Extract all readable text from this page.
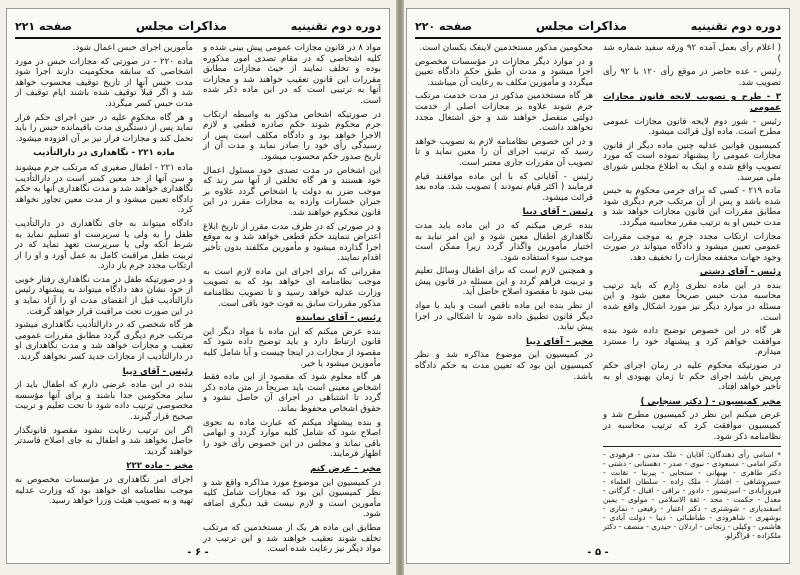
دوره دوم تقنینیه
مذاکرات مجلس
صفحه ۲۲۱
مواد ۸ در قانون مجازات عمومی پیش بینی شده و کلیه اشخاصی که در مقام تصدی امور مذکوره بوده و تخلف نمایند از حیث مجازات مطابق مقررات این قانون تعقیب خواهند شد و مجازات آنها به ترتیبی است که در این ماده ذکر شده است.
در صورتیکه اشخاص مذکور به واسطه ارتکاب جرم محکوم شوند حکم صادره قطعی و لازم الاجرا خواهد بود و دادگاه مکلف است پس از رسیدگی رأی خود را صادر نماید و مدت آن از تاریخ صدور حکم محسوب میشود.
این اشخاص در مدت تصدی خود مسئول اعمال خود هستند و هر گاه تخلفی از آنها سر زند که موجب ضرر به دولت یا اشخاص گردد علاوه بر جبران خسارات وارده به مجازات مقرر در این قانون محکوم خواهند شد.
و در صورتی که در ظرف مدت مقرر از تاریخ ابلاغ اعتراض ننمایند حکم قطعی خواهد شد و به موقع اجرا گذارده میشود و مأمورین مکلفند بدون تأخیر اقدام نمایند.
مقرراتی که برای اجرای این ماده لازم است به موجب نظامنامه ای خواهد بود که به تصویب وزارت عدلیه خواهد رسید و تا تصویب نظامنامه مذکور مقررات سابق به قوت خود باقی است.
رئیس - آقای نماینده
بنده عرض میکنم که این ماده با مواد دیگر این قانون ارتباط دارد و باید توضیح داده شود که مقصود از مجازات در اینجا چیست و آیا شامل کلیه مأمورین میشود یا خیر.
هر گاه معلوم شود که مقصود از این ماده فقط اشخاص معینی است باید صریحاً در متن ماده ذکر گردد تا اشتباهی در اجرای آن حاصل نشود و حقوق اشخاص محفوظ بماند.
و بنده پیشنهاد میکنم که عبارت ماده به نحوی اصلاح شود که شامل کلیه موارد گردد و ابهامی باقی نماند و مجلس در این خصوص رأی خود را اظهار فرمایند.
مخبر - عرض کنم
در کمیسیون این موضوع مورد مذاکره واقع شد و نظر کمیسیون این بود که مجازات شامل کلیه مأمورین است و لازم نیست قید دیگری اضافه شود.
مطابق این ماده هر یک از مستخدمین که مرتکب تخلف شوند تعقیب خواهند شد و این ترتیب در مواد دیگر نیز رعایت شده است.
مأمورین اجرای حبس اعمال شود.
ماده ۲۲۰ - در صورتی که مجازات حبس در مورد اشخاصی که سابقه محکومیت دارند اجرا شود مدت حبس آنها از تاریخ توقیف محسوب خواهد شد و اگر قبلاً توقیف شده باشند ایام توقیف از مدت حبس کسر میگردد.
و هر گاه محکوم علیه در حین اجرای حکم فرار نماید پس از دستگیری مدت باقیمانده حبس را باید تحمل کند و مجازات فرار نیز بر آن افزوده میشود.
ماده ۲۲۱ - نگاهداری در دارالتأدیب
ماده ۲۲۱ - اطفال صغیری که مرتکب جرم میشوند و سن آنها از حد معین کمتر است در دارالتأدیب نگاهداری خواهند شد و مدت نگاهداری آنها به حکم دادگاه تعیین میشود و از مدت معین تجاوز نخواهد کرد.
دادگاه میتواند به جای نگاهداری در دارالتأدیب طفل را به ولی یا سرپرست او تسلیم نماید به شرط آنکه ولی یا سرپرست تعهد نماید که در تربیت طفل مراقبت کامل به عمل آورد و او را از ارتکاب مجدد جرم باز دارد.
و در صورتیکه طفل در مدت نگاهداری رفتار خوبی از خود نشان دهد دادگاه میتواند به پیشنهاد رئیس دارالتأدیب قبل از انقضای مدت او را آزاد نماید و در این صورت تحت مراقبت قرار خواهد گرفت.
هر گاه شخصی که در دارالتأدیب نگاهداری میشود مرتکب جرم دیگری گردد مطابق مقررات عمومی تعقیب و مجازات خواهد شد و مدت نگاهداری او در دارالتأدیب از مجازات جدید کسر نخواهد گردید.
رئیس - آقای دیبا
بنده در این ماده عرضی دارم که اطفال باید از سایر محکومین جدا باشند و برای آنها مؤسسه مخصوصی ترتیب داده شود تا تحت تعلیم و تربیت صحیح قرار گیرند.
اگر این ترتیب رعایت نشود مقصود قانونگذار حاصل نخواهد شد و اطفال به جای اصلاح فاسدتر خواهند گردید.
مخبر - ماده ۲۲۲
اجرای امر نگاهداری در مؤسسات مخصوص به موجب نظامنامه ای خواهد بود که وزارت عدلیه تهیه و به تصویب هیئت وزرا خواهد رسید.
- ۶ -
دوره دوم تقنینیه
مذاکرات مجلس
صفحه ۲۲۰
( اعلام رأی بعمل آمده ۹۲ ورقه سفید شماره شد )
رئیس - عده حاضر در موقع رأی ۱۲۰ با ۹۲ رأی تصویب شد.
۳ - طرح و تصویب لایحه قانون مجازات عمومی
رئیس - شور دوم لایحه قانون مجازات عمومی مطرح است. ماده اول قرائت میشود.
کمیسیون قوانین عدلیه چنین ماده دیگر از قانون مجازات عمومی را پیشنهاد نموده است که مورد تصویب واقع شده و اینک به اطلاع مجلس شورای ملی میرسد.
ماده ۲۱۹ - کسی که برای جرمی محکوم به حبس شده باشد و پس از آن مرتکب جرم دیگری شود مطابق مقررات این قانون مجازات خواهد شد و مدت حبس او به ترتیب مقرر محاسبه میگردد.
مجازات ارتکاب مجدد جرم به موجب مقررات عمومی تعیین میشود و دادگاه میتواند در صورت وجود جهات مخففه مجازات را تخفیف دهد.
رئیس - آقای دشتی
بنده در این ماده نظری دارم که باید ترتیب محاسبه مدت حبس صریحاً معین شود و این مسئله در موارد دیگر نیز مورد اشکال واقع شده است.
هر گاه در این خصوص توضیح داده شود بنده موافقت خواهم کرد و پیشنهاد خود را مسترد میدارم.
در صورتیکه محکوم علیه در زمان اجرای حکم مریض باشد اجرای حکم تا زمان بهبودی او به تأخیر خواهد افتاد.
مخبر کمیسیون - ( دکتر سنجابی )
عرض میکنم این نظر در کمیسیون مطرح شد و کمیسیون موافقت کرد که ترتیب محاسبه در نظامنامه ذکر شود.
* اسامی رأی دهندگان: آقایان - ملک مدنی - فرهودی - دکتر امامی - مسعودی - نبوی - صدر - دهستانی - دشتی - دکتر طاهری - بهبهانی - سنجابی - پیرنیا - نقابت - خسروشاهی - افشار - ملک زاده - سلطان العلماء - فیروزآبادی - امیرتیمور - دادور - نراقی - اقبال - گرگانی - معدل - حکمت - مجد - ثقة الاسلامی - مولوی - یمین اسفندیاری - شوشتری - دکتر اعتبار - رفیعی - نمازی - بوشهری - شاهرودی - طباطبائی - دیبا - دولت آبادی - هاشمی - وکیلی - زنجانی - اردلان - حیدری - منصف - دکتر ملکزاده - قراگزلو.
محکومین مذکور مستخدمین لاینفک یکسان است.
و در موارد دیگر مجازات در مؤسسات مخصوص اجرا میشود و مدت آن طبق حکم دادگاه تعیین میگردد و مأمورین مکلف به رعایت آن میباشند.
هر گاه مستخدمین مذکور در مدت خدمت مرتکب جرم شوند علاوه بر مجازات اصلی از خدمت دولتی منفصل خواهند شد و حق اشتغال مجدد نخواهند داشت.
و در این خصوص نظامنامه لازم به تصویب خواهد رسید که ترتیب اجرای آن را معین نماید و تا تصویب آن مقررات جاری معتبر است.
رئیس - آقایانی که با این ماده موافقند قیام فرمایند ( اکثر قیام نمودند ) تصویب شد. ماده بعد قرائت میشود.
رئیس - آقای دیبا
بنده عرض میکنم که در این ماده باید مدت نگاهداری اطفال معین شود و این امر نباید به اختیار مأمورین واگذار گردد زیرا ممکن است موجب سوء استفاده شود.
و همچنین لازم است که برای اطفال وسائل تعلیم و تربیت فراهم گردد و این مسئله در قانون پیش بینی شود تا مقصود اصلاح حاصل آید.
از نظر بنده این ماده ناقص است و باید با مواد دیگر قانون تطبیق داده شود تا اشکالی در اجرا پیش نیاید.
مخبر - آقای دیبا
در کمیسیون این موضوع مذاکره شد و نظر کمیسیون این بود که تعیین مدت به حکم دادگاه باشد.
- ۵ -
